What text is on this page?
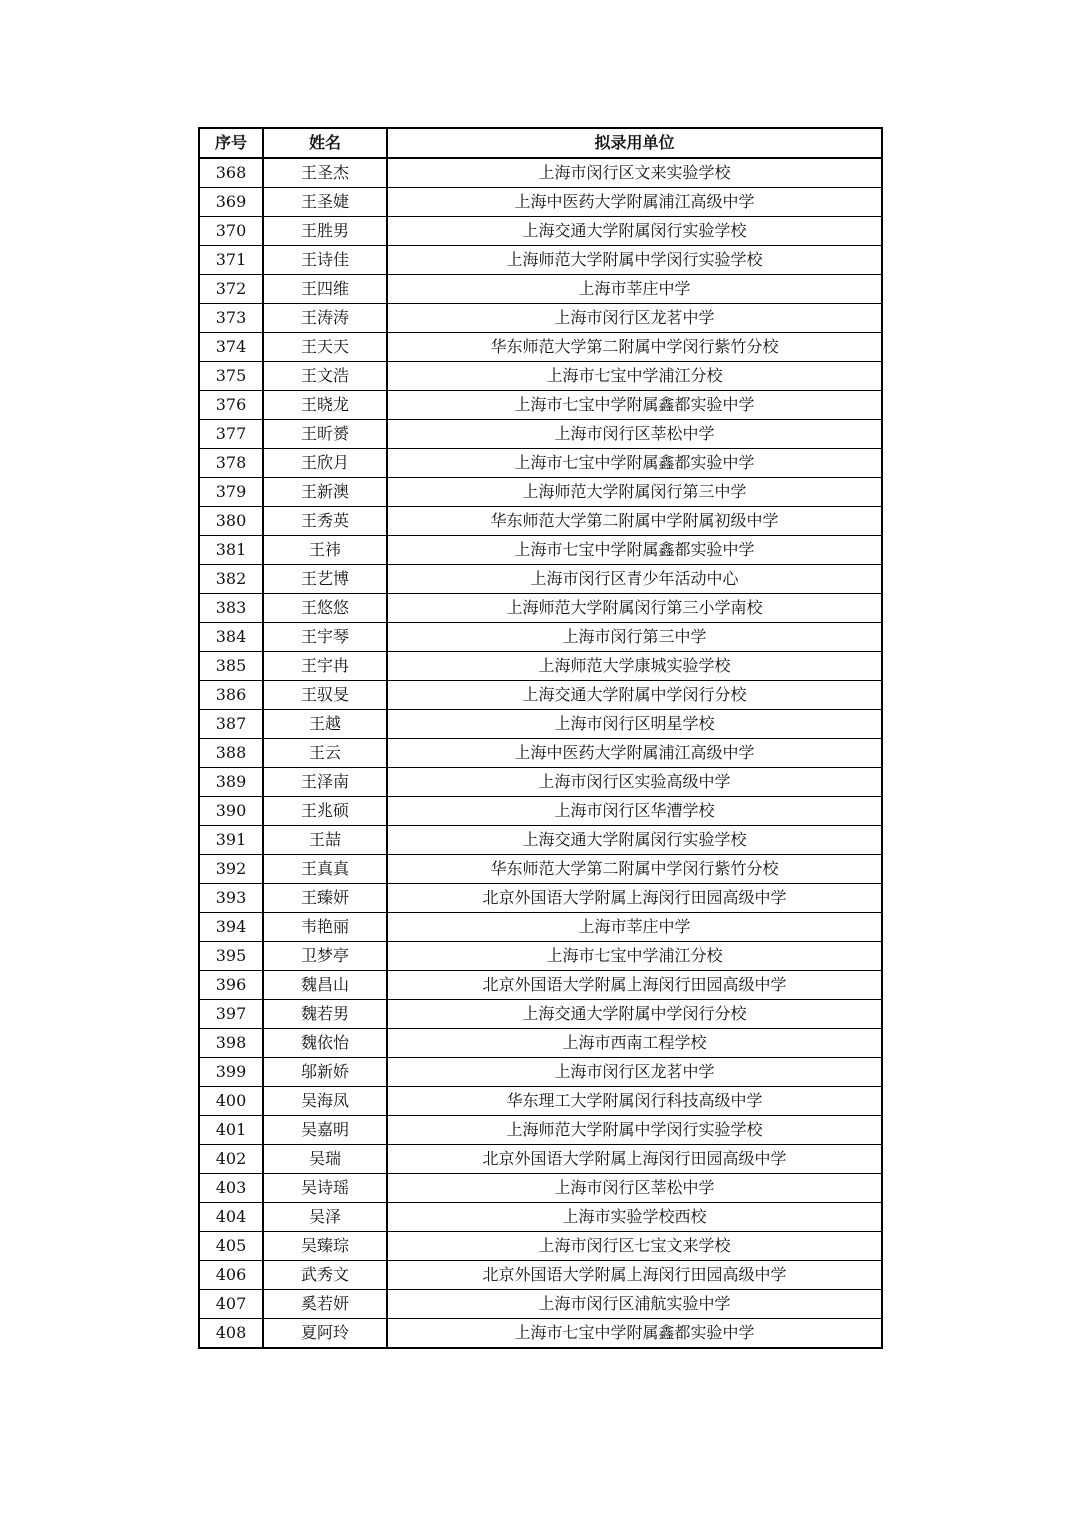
序号	姓名	拟录用单位
368	王圣杰	上海市闵行区文来实验学校
369	王圣婕	上海中医药大学附属浦江高级中学
370	王胜男	上海交通大学附属闵行实验学校
371	王诗佳	上海师范大学附属中学闵行实验学校
372	王四维	上海市莘庄中学
373	王涛涛	上海市闵行区龙茗中学
374	王天天	华东师范大学第二附属中学闵行紫竹分校
375	王文浩	上海市七宝中学浦江分校
376	王晓龙	上海市七宝中学附属鑫都实验中学
377	王昕赟	上海市闵行区莘松中学
378	王欣月	上海市七宝中学附属鑫都实验中学
379	王新澳	上海师范大学附属闵行第三中学
380	王秀英	华东师范大学第二附属中学附属初级中学
381	王祎	上海市七宝中学附属鑫都实验中学
382	王艺博	上海市闵行区青少年活动中心
383	王悠悠	上海师范大学附属闵行第三小学南校
384	王宇琴	上海市闵行第三中学
385	王宇冉	上海师范大学康城实验学校
386	王驭旻	上海交通大学附属中学闵行分校
387	王越	上海市闵行区明星学校
388	王云	上海中医药大学附属浦江高级中学
389	王泽南	上海市闵行区实验高级中学
390	王兆硕	上海市闵行区华漕学校
391	王喆	上海交通大学附属闵行实验学校
392	王真真	华东师范大学第二附属中学闵行紫竹分校
393	王臻妍	北京外国语大学附属上海闵行田园高级中学
394	韦艳丽	上海市莘庄中学
395	卫梦亭	上海市七宝中学浦江分校
396	魏昌山	北京外国语大学附属上海闵行田园高级中学
397	魏若男	上海交通大学附属中学闵行分校
398	魏依怡	上海市西南工程学校
399	邬新娇	上海市闵行区龙茗中学
400	吴海凤	华东理工大学附属闵行科技高级中学
401	吴嘉明	上海师范大学附属中学闵行实验学校
402	吴瑞	北京外国语大学附属上海闵行田园高级中学
403	吴诗瑶	上海市闵行区莘松中学
404	吴泽	上海市实验学校西校
405	吴臻琮	上海市闵行区七宝文来学校
406	武秀文	北京外国语大学附属上海闵行田园高级中学
407	奚若妍	上海市闵行区浦航实验中学
408	夏阿玲	上海市七宝中学附属鑫都实验中学
